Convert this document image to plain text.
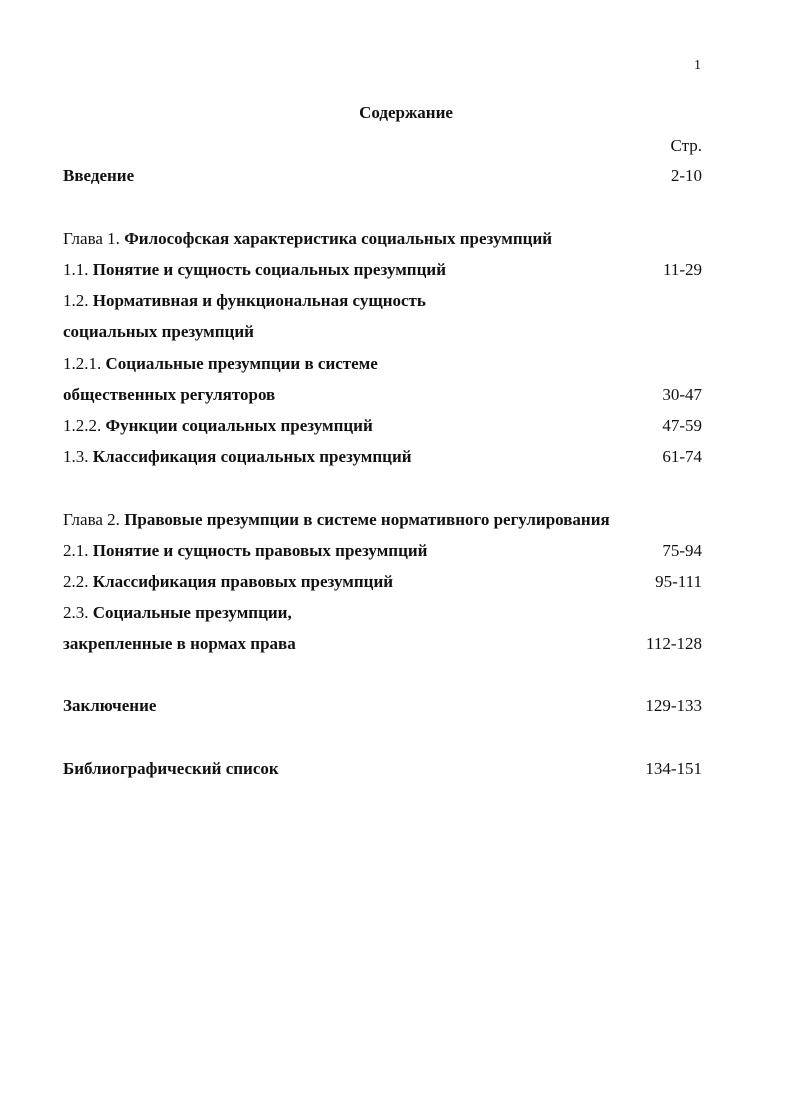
1
Содержание
Стр.
Введение	2-10
Глава 1. Философская характеристика социальных презумпций
1.1. Понятие и сущность социальных презумпций	11-29
1.2. Нормативная и функциональная сущность
социальных презумпций
1.2.1. Социальные презумпции в системе
общественных регуляторов	30-47
1.2.2. Функции социальных презумпций	47-59
1.3. Классификация социальных презумпций	61-74
Глава 2. Правовые презумпции в системе нормативного регулирования
2.1. Понятие и сущность правовых презумпций	75-94
2.2. Классификация правовых презумпций	95-111
2.3. Социальные презумпции,
закрепленные в нормах права	112-128
Заключение	129-133
Библиографический список	134-151
